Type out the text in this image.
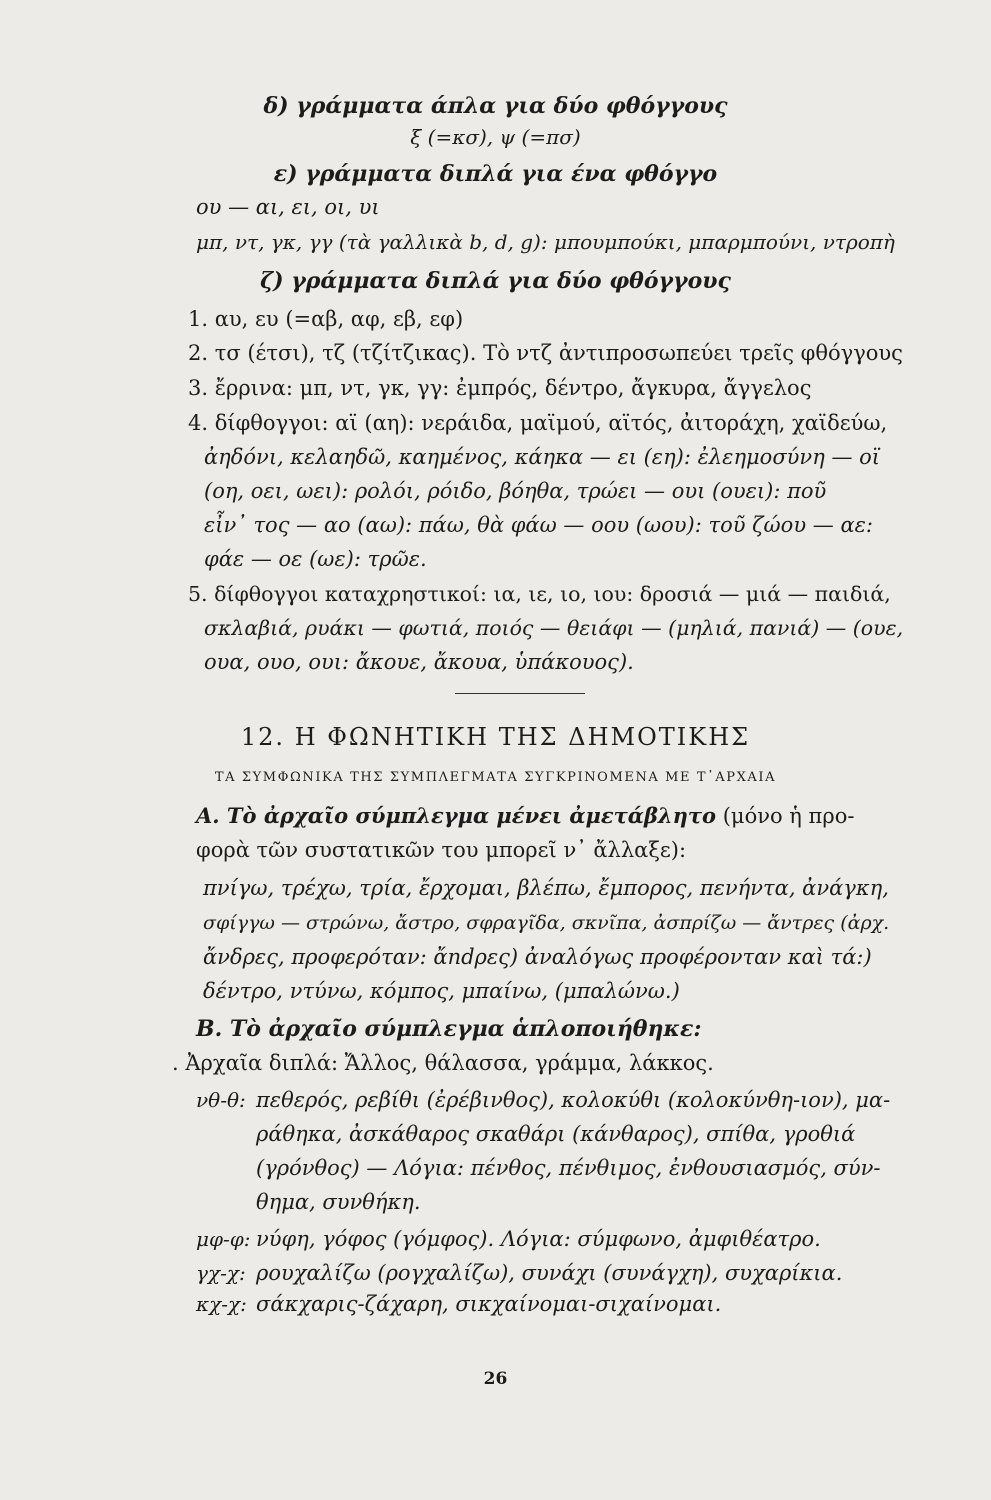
δ) γράμματα άπλα για δύο φθόγγους
ξ (=κσ), ψ (=πσ)
ε) γράμματα διπλά για ένα φθόγγο
ου — αι, ει, οι, υι
μπ, ντ, γκ, γγ (τὰ γαλλικὰ b, d, g): μπουμπούκι, μπαρμπούνι, ντροπὴ
ζ) γράμματα διπλά για δύο φθόγγους
1. αυ, ευ (=αβ, αφ, εβ, εφ)
2. τσ (έτσι), τζ (τζίτζικας). Τὸ ντζ ἀντιπροσωπεύει τρεῖς φθόγγους
3. ἔρρινα: μπ, ντ, γκ, γγ: ἐμπρός, δέντρο, ἄγκυρα, ἄγγελος
4. δίφθογγοι: αϊ (αη): νεράιδα, μαϊμού, αϊτός, ἀιτοράχη, χαϊδεύω,
ἀηδόνι, κελαηδῶ, καημένος, κάηκα — ει (εη): ἐλεημοσύνη — οϊ
(οη, οει, ωει): ρολόι, ρόιδο, βόηθα, τρώει — ουι (ουει): ποῦ
εἶν᾿ τος — αο (αω): πάω, θὰ φάω — οου (ωου): τοῦ ζώου — αε:
φάε — οε (ωε): τρῶε.
5. δίφθογγοι καταχρηστικοί: ια, ιε, ιο, ιου: δροσιά — μιά — παιδιά,
σκλαβιά, ρυάκι — φωτιά, ποιός — θειάφι — (μηλιά, πανιά) — (ουε,
ουα, ουο, ουι: ἄκουε, ἄκουα, ὑπάκουος).
12. Η ΦΩΝΗΤΙΚΗ ΤΗΣ ΔΗΜΟΤΙΚΗΣ
ΤΑ ΣΥΜΦΩΝΙΚΑ ΤΗΣ ΣΥΜΠΛΕΓΜΑΤΑ ΣΥΓΚΡΙΝΟΜΕΝΑ ΜΕ Τ᾿ΑΡΧΑΙΑ
Α. Τὸ ἀρχαῖο σύμπλεγμα μένει ἀμετάβλητο (μόνο ἡ προ-
φορὰ τῶν συστατικῶν του μπορεῖ ν᾿ ἄλλαξε):
πνίγω, τρέχω, τρία, ἔρχομαι, βλέπω, ἔμπορος, πενήντα, ἀνάγκη,
σφίγγω — στρώνω, ἄστρο, σφραγῖδα, σκνῖπα, ἀσπρίζω — ἄντρες (ἀρχ.
ἄνδρες, προφερόταν: ἄndρες) ἀναλόγως προφέρονταν καὶ τά:)
δέντρο, ντύνω, κόμπος, μπαίνω, (μπαλώνω.)
Β. Τὸ ἀρχαῖο σύμπλεγμα ἁπλοποιήθηκε:
. Ἀρχαῖα διπλά: Ἄλλος, θάλασσα, γράμμα, λάκκος.
νθ-θ: πεθερός, ρεβίθι (ἐρέβινθος), κολοκύθι (κολοκύνθη-ιον), μα-
ράθηκα, ἀσκάθαρος σκαθάρι (κάνθαρος), σπίθα, γροθιά
(γρόνθος) — Λόγια: πένθος, πένθιμος, ἐνθουσιασμός, σύν-
θημα, συνθήκη.
μφ-φ: νύφη, γόφος (γόμφος). Λόγια: σύμφωνο, ἀμφιθέατρο.
γχ-χ: ρουχαλίζω (ρογχαλίζω), συνάχι (συνάγχη), συχαρίκια.
κχ-χ: σάκχαρις-ζάχαρη, σικχαίνομαι-σιχαίνομαι.
26
